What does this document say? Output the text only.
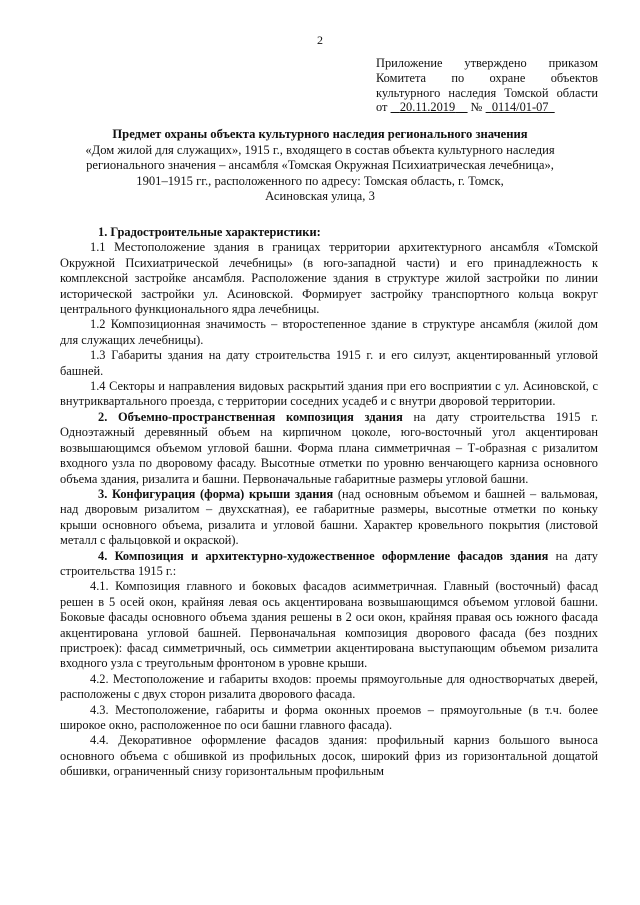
2
Приложение утверждено приказом
Комитета по охране объектов
культурного наследия Томской области
от 20.11.2019 № 0114/01-07
Предмет охраны объекта культурного наследия регионального значения
«Дом жилой для служащих», 1915 г., входящего в состав объекта культурного наследия
регионального значения – ансамбля «Томская Окружная Психиатрическая лечебница»,
1901–1915 гг., расположенного по адресу: Томская область, г. Томск,
Асиновская улица, 3

1. Градостроительные характеристики:

1.1 Местоположение здания в границах территории архитектурного ансамбля «Томской Окружной Психиатрической лечебницы» (в юго-западной части) и его принадлежность к комплексной застройке ансамбля. Расположение здания в структуре жилой застройки по линии исторической застройки ул. Асиновской. Формирует застройку транспортного кольца вокруг центрального функционального ядра лечебницы.

1.2 Композиционная значимость – второстепенное здание в структуре ансамбля (жилой дом для служащих лечебницы).

1.3 Габариты здания на дату строительства 1915 г. и его силуэт, акцентированный угловой башней.

1.4 Секторы и направления видовых раскрытий здания при его восприятии с ул. Асиновской, с внутриквартального проезда, с территории соседних усадеб и с внутри дворовой территории.

2. Объемно-пространственная композиция здания на дату строительства 1915 г. Одноэтажный деревянный объем на кирпичном цоколе, юго-восточный угол акцентирован возвышающимся объемом угловой башни. Форма плана симметричная – Т-образная с ризалитом входного узла по дворовому фасаду. Высотные отметки по уровню венчающего карниза основного объема здания, ризалита и башни. Первоначальные габаритные размеры угловой башни.

3. Конфигурация (форма) крыши здания (над основным объемом и башней – вальмовая, над дворовым ризалитом – двухскатная), ее габаритные размеры, высотные отметки по коньку крыши основного объема, ризалита и угловой башни. Характер кровельного покрытия (листовой металл с фальцовкой и окраской).

4. Композиция и архитектурно-художественное оформление фасадов здания на дату строительства 1915 г.:

4.1. Композиция главного и боковых фасадов асимметричная. Главный (восточный) фасад решен в 5 осей окон, крайняя левая ось акцентирована возвышающимся объемом угловой башни. Боковые фасады основного объема здания решены в 2 оси окон, крайняя правая ось южного фасада акцентирована угловой башней. Первоначальная композиция дворового фасада (без поздних пристроек): фасад симметричный, ось симметрии акцентирована выступающим объемом ризалита входного узла с треугольным фронтоном в уровне крыши.

4.2. Местоположение и габариты входов: проемы прямоугольные для одностворчатых дверей, расположены с двух сторон ризалита дворового фасада.

4.3. Местоположение, габариты и форма оконных проемов – прямоугольные (в т.ч. более широкое окно, расположенное по оси башни главного фасада).

4.4. Декоративное оформление фасадов здания: профильный карниз большого выноса основного объема с обшивкой из профильных досок, широкий фриз из горизонтальной дощатой обшивки, ограниченный снизу горизонтальным профильным
